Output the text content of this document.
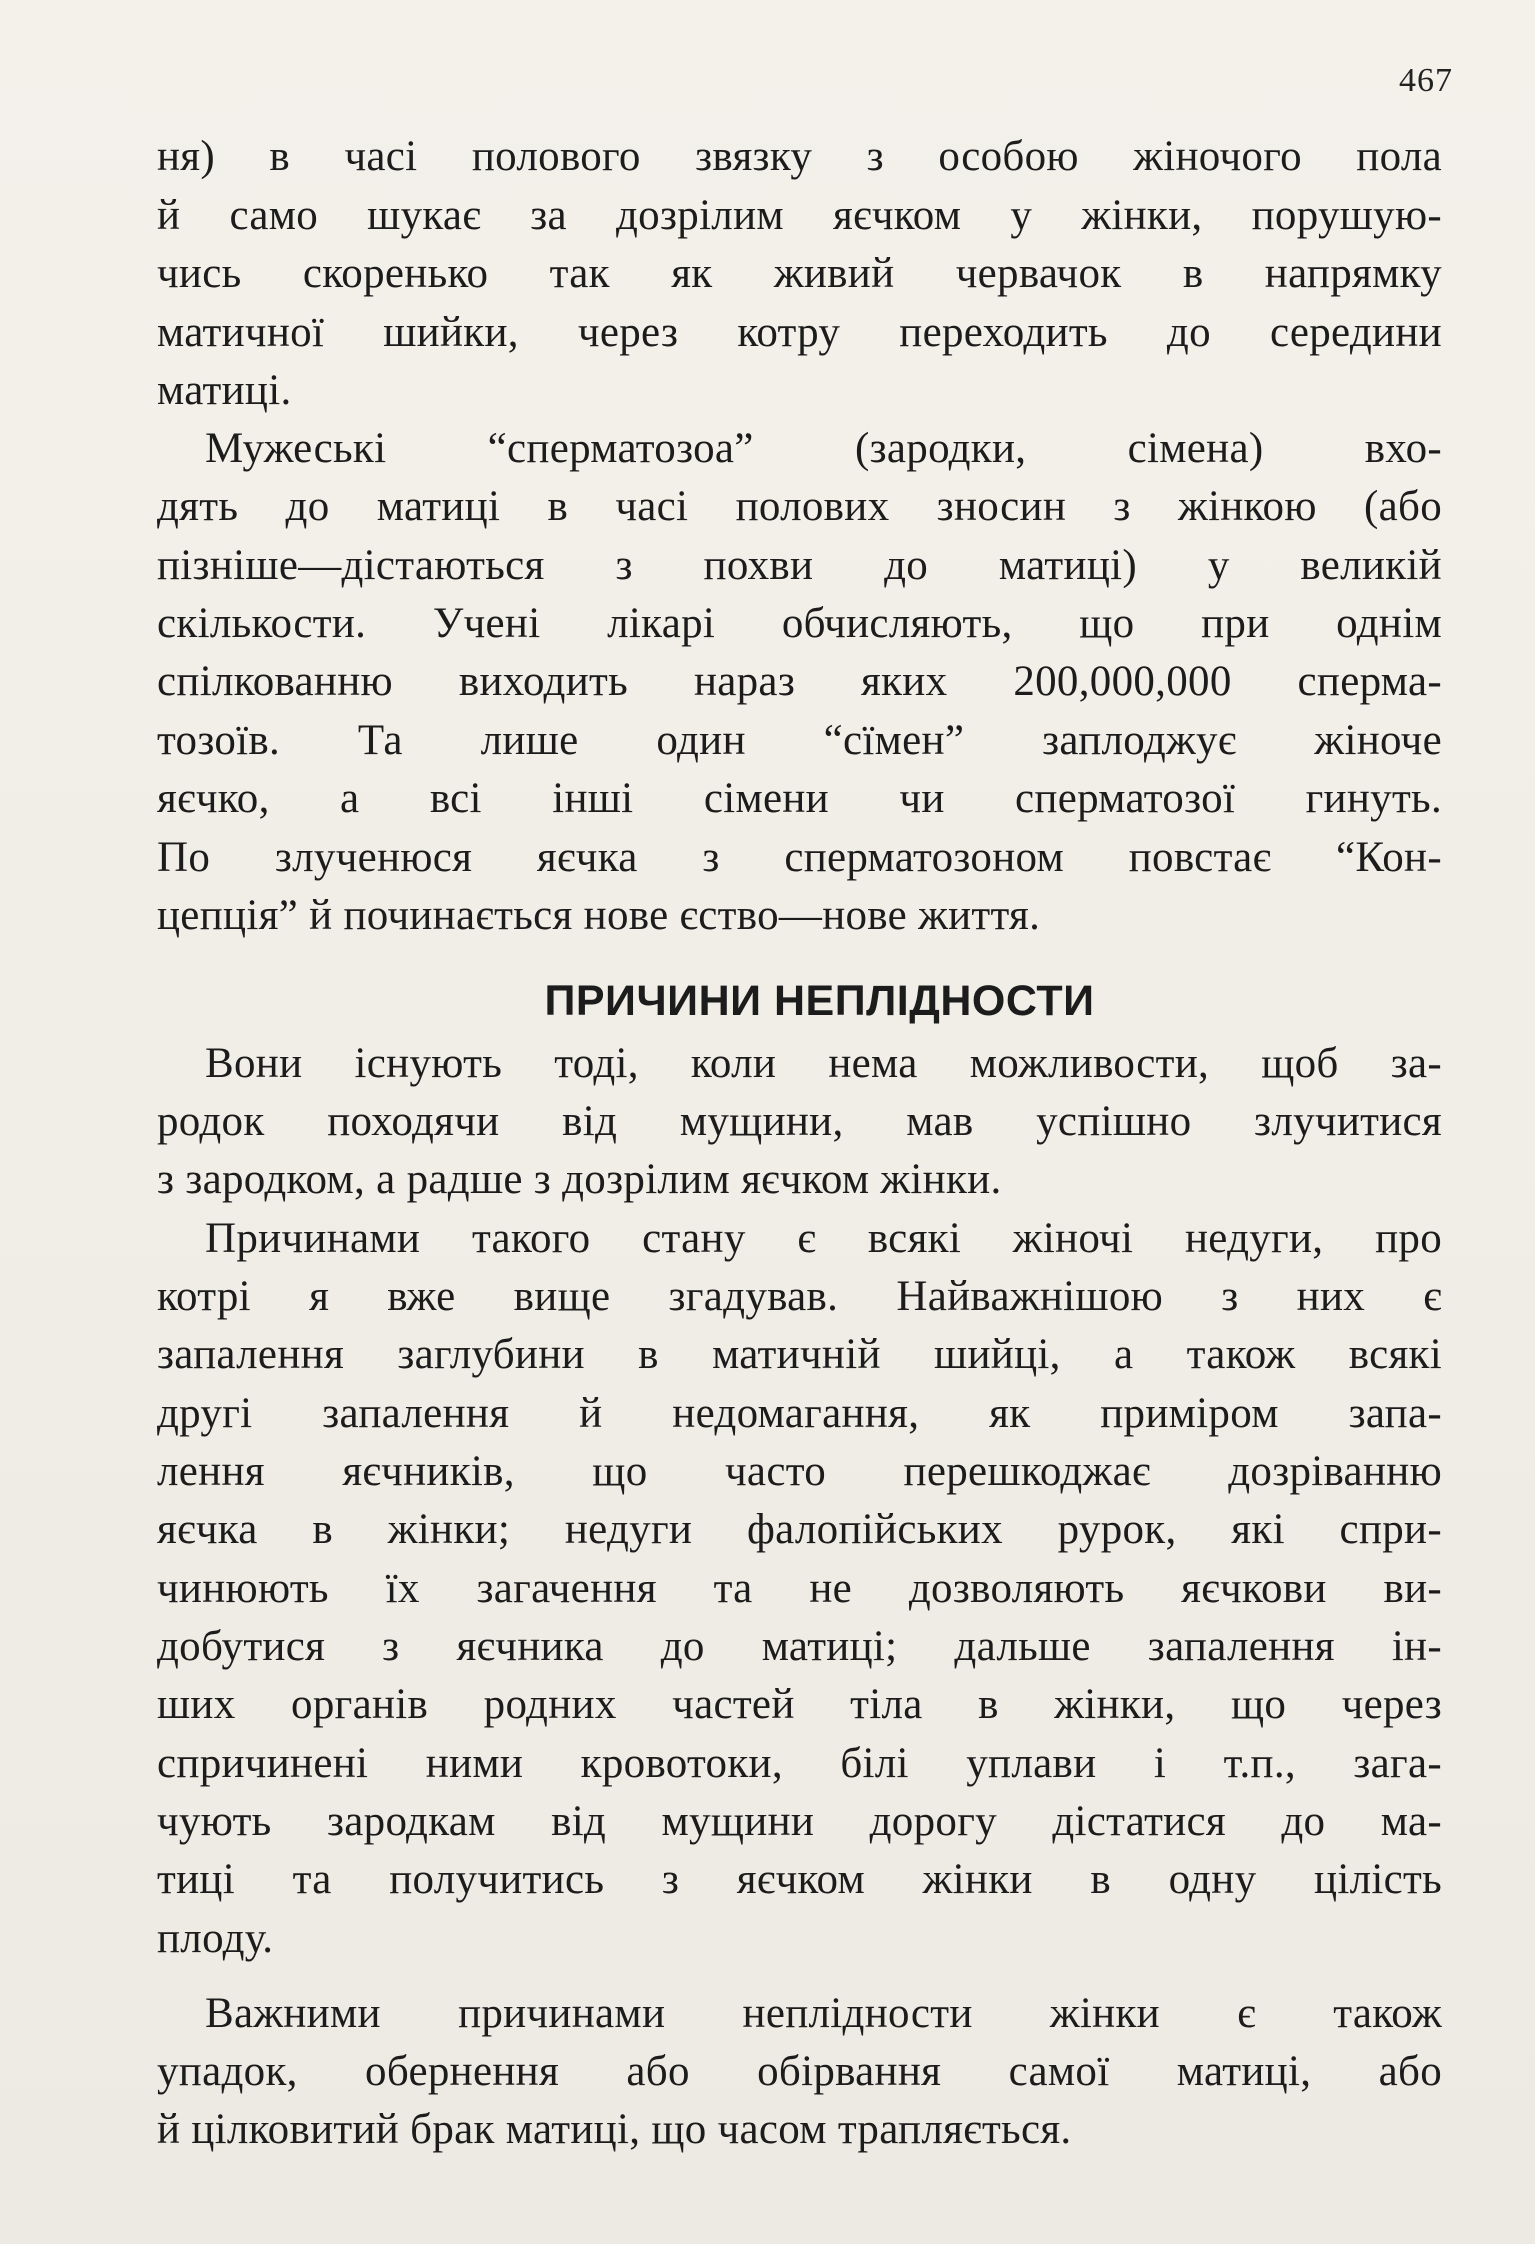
467
ня) в часі полового звязку з особою жіночого пола
й само шукає за дозрілим яєчком у жінки, порушую-
чись скоренько так як живий червачок в напрямку
матичної шийки, через котру переходить до середини
матиці.
Мужеські “сперматозоа” (зародки, сімена) вхо-
дять до матиці в часі полових зносин з жінкою (або
пізніше—дістаються з похви до матиці) у великій
скількости. Учені лікарі обчисляють, що при однім
спілкованню виходить нараз яких 200,000,000 сперма-
тозоїв. Та лише один “сїмен” заплоджує жіноче
яєчко, а всі інші сімени чи сперматозої гинуть.
По злученюся яєчка з сперматозоном повстає “Кон-
цепція” й починається нове єство—нове життя.
ПРИЧИНИ НЕПЛІДНОСТИ
Вони існують тоді, коли нема можливости, щоб за-
родок походячи від мущини, мав успішно злучитися
з зародком, а радше з дозрілим яєчком жінки.
Причинами такого стану є всякі жіночі недуги, про
котрі я вже вище згадував. Найважнішою з них є
запалення заглубини в матичній шийці, а також всякі
другі запалення й недомагання, як приміром запа-
лення яєчників, що часто перешкоджає дозріванню
яєчка в жінки; недуги фалопійських рурок, які спри-
чинюють їх загачення та не дозволяють яєчкови ви-
добутися з яєчника до матиці; дальше запалення ін-
ших органів родних частей тіла в жінки, що через
спричинені ними кровотоки, білі уплави і т.п., зага-
чують зародкам від мущини дорогу дістатися до ма-
тиці та получитись з яєчком жінки в одну цілість
плоду.
Важними причинами неплідности жінки є також
упадок, обернення або обірвання самої матиці, або
й цілковитий брак матиці, що часом трапляється.
